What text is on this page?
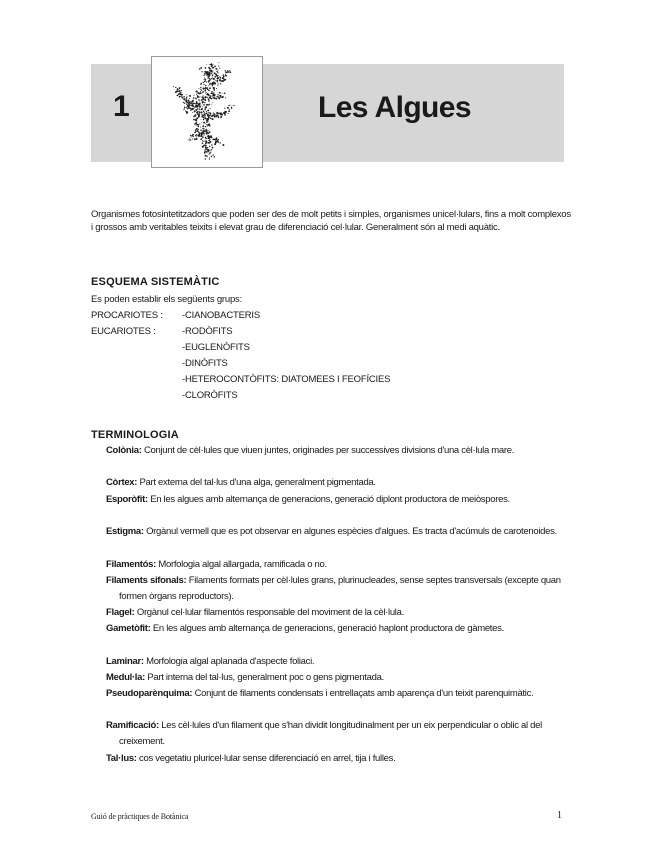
1	Les Algues

Organismes fotosintetitzadors que poden ser des de molt petits i simples, organismes unicel·lulars, fins a molt complexos i grossos amb veritables teixits i elevat grau de diferenciació cel·lular. Generalment són al medi aquàtic.

ESQUEMA SISTEMÀTIC
Es poden establir els següents grups:
PROCARIOTES : -CIANOBACTERIS
EUCARIOTES :	-RODÒFITS
-EUGLENÒFITS
-DINÒFITS
-HETEROCONTÒFITS: DIATOMEES I FEOFÍCIES
-CLORÒFITS
TERMINOLOGIA
Colònia: Conjunt de cèl·lules que viuen juntes, originades per successives divisions d'una cèl·lula mare.
Còrtex: Part externa del tal·lus d'una alga, generalment pigmentada.
Esporòfit: En les algues amb alternança de generacions, generació diplont productora de meiòspores.
Estigma: Orgànul vermell que es pot observar en algunes espècies d'algues. Es tracta d'acúmuls de carotenoides.
Filamentós: Morfologia algal allargada, ramificada o no.
Filaments sifonals: Filaments formats per cèl·lules grans, plurinucleades, sense septes transversals (excepte quan formen òrgans reproductors).
Flagel: Orgànul cel·lular filamentós responsable del moviment de la cèl·lula.
Gametòfit: En les algues amb alternança de generacions, generació haplont productora de gàmetes.
Laminar: Morfologia algal aplanada d'aspecte foliaci.
Medul·la: Part interna del tal·lus, generalment poc o gens pigmentada.
Pseudoparènquima: Conjunt de filaments condensats i entrellaçats amb aparença d'un teixit parenquimàtic.
Ramificació: Les cèl·lules d'un filament que s'han dividit longitudinalment per un eix perpendicular o oblic al del creixement.
Tal·lus: cos vegetatiu pluricel·lular sense diferenciació en arrel, tija i fulles.
Guió de pràctiques de Botànica	1
